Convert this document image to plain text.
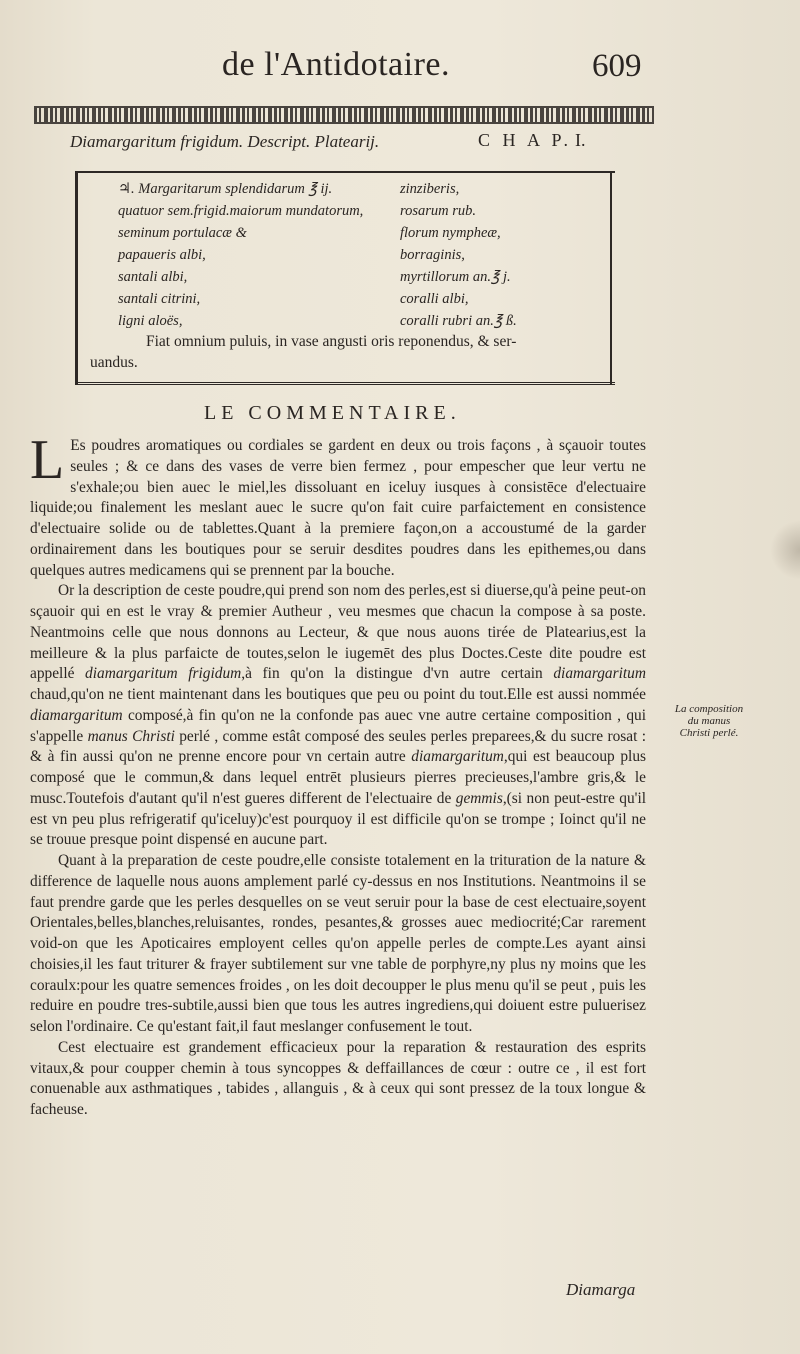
de l'Antidotaire.	609
Diamargaritum frigidum. Descript. Platearij.	C H A P. I.
♃. Margaritarum splendidarum ℥ ij.
quatuor sem.frigid.maiorum mundatorum,
seminum portulacæ &
papaueris albi,
santali albi,
santali citrini,
ligni aloës,
zinziberis,
rosarum rub.
florum nympheæ,
borraginis,
myrtillorum an.℥ j.
coralli albi,
coralli rubri an.℥ ß.
Fiat omnium puluis, in vase angusti oris reponendus, & ser-
uandus.
LE COMMENTAIRE.

L Es poudres aromatiques ou cordiales se gardent en deux ou trois façons , à sçauoir toutes seules ; & ce dans des vases de verre bien fermez , pour empescher que leur vertu ne s'exhale;ou bien auec le miel,les dissoluant en iceluy iusques à consistēce d'electuaire liquide;ou finalement les meslant auec le sucre qu'on fait cuire parfaictement en consistence d'electuaire solide ou de tablettes.Quant à la premiere façon,on a accoustumé de la garder ordinairement dans les boutiques pour se seruir desdites poudres dans les epithemes,ou dans quelques autres medicamens qui se prennent par la bouche.

Or la description de ceste poudre,qui prend son nom des perles,est si diuerse,qu'à peine peut-on sçauoir qui en est le vray & premier Autheur , veu mesmes que chacun la compose à sa poste. Neantmoins celle que nous donnons au Lecteur, & que nous auons tirée de Platearius,est la meilleure & la plus parfaicte de toutes,selon le iugemēt des plus Doctes.Ceste dite poudre est appellé diamargaritum frigidum,à fin qu'on la distingue d'vn autre certain diamargaritum chaud,qu'on ne tient maintenant dans les boutiques que peu ou point du tout.Elle est aussi nommée diamargaritum composé,à fin qu'on ne la confonde pas auec vne autre certaine composition , qui s'appelle manus Christi perlé , comme estât composé des seules perles preparees,& du sucre rosat : & à fin aussi qu'on ne prenne encore pour vn certain autre diamargaritum,qui est beaucoup plus composé que le commun,& dans lequel entrēt plusieurs pierres precieuses,l'ambre gris,& le musc.Toutefois d'autant qu'il n'est gueres different de l'electuaire de gemmis,(si non peut-estre qu'il est vn peu plus refrigeratif qu'iceluy)c'est pourquoy il est difficile qu'on se trompe ; Ioinct qu'il ne se trouue presque point dispensé en aucune part.

Quant à la preparation de ceste poudre,elle consiste totalement en la trituration de la nature & difference de laquelle nous auons amplement parlé cy-dessus en nos Institutions. Neantmoins il se faut prendre garde que les perles desquelles on se veut seruir pour la base de cest electuaire,soyent Orientales,belles,blanches,reluisantes, rondes, pesantes,& grosses auec mediocrité;Car rarement void-on que les Apoticaires employent celles qu'on appelle perles de compte.Les ayant ainsi choisies,il les faut triturer & frayer subtilement sur vne table de porphyre,ny plus ny moins que les coraulx:pour les quatre semences froides , on les doit decoupper le plus menu qu'il se peut , puis les reduire en poudre tres-subtile,aussi bien que tous les autres ingrediens,qui doiuent estre puluerisez selon l'ordinaire. Ce qu'estant fait,il faut meslanger confusement le tout.

Cest electuaire est grandement efficacieux pour la reparation & restauration des esprits vitaux,& pour coupper chemin à tous syncoppes & deffaillances de cœur : outre ce , il est fort conuenable aux asthmatiques , tabides , allanguis , & à ceux qui sont pressez de la toux longue & facheuse.

La composition
du manus
Christi perlé.
Diamarga
